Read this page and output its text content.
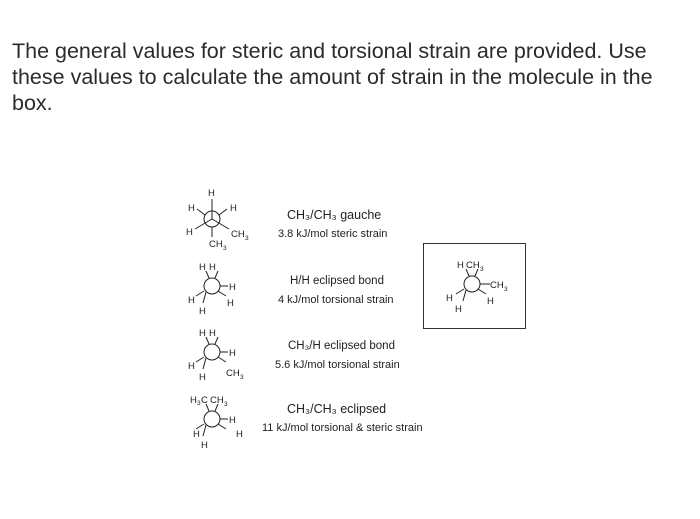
The general values for steric and torsional strain are provided. Use these values to calculate the amount of strain in the molecule in the box.
CH₃/CH₃ gauche
3.8 kJ/mol steric strain
H/H eclipsed bond
4 kJ/mol torsional strain
CH₃/H eclipsed bond
5.6 kJ/mol torsional strain
CH₃/CH₃ eclipsed
11 kJ/mol torsional & steric strain
H
H	H
H	CH 3
CH 3
H H
H
H
H
H
H H
H
CH 3
H
H
H 3 C CH 3
H
H
H
H
H CH 3
CH 3
H
H
H
